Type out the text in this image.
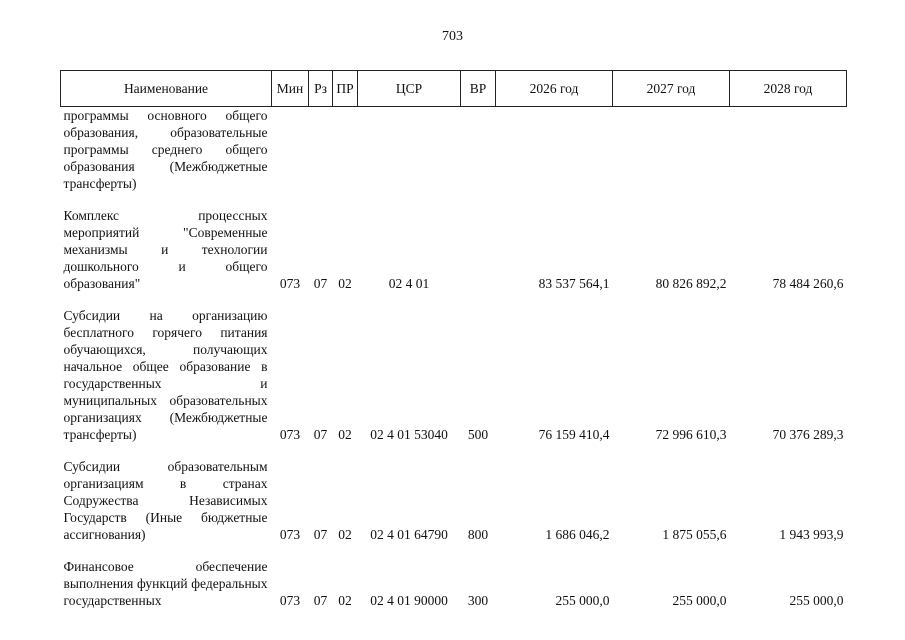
703
Наименование	Мин	Рз	ПР	ЦСР	ВР	2026 год	2027 год	2028 год
программы основного общего образования, образовательные программы среднего общего образования (Межбюджетные трансферты)								

Комплекс процессных мероприятий "Современные механизмы и технологии дошкольного и общего образования"	073	07	02	02 4 01		83 537 564,1	80 826 892,2	78 484 260,6

Субсидии на организацию бесплатного горячего питания обучающихся, получающих начальное общее образование в государственных и муниципальных образовательных организациях (Межбюджетные трансферты)	073	07	02	02 4 01 53040	500	76 159 410,4	72 996 610,3	70 376 289,3

Субсидии образовательным организациям в странах Содружества Независимых Государств (Иные бюджетные ассигнования)	073	07	02	02 4 01 64790	800	1 686 046,2	1 875 055,6	1 943 993,9

Финансовое обеспечение выполнения функций федеральных государственных	073	07	02	02 4 01 90000	300	255 000,0	255 000,0	255 000,0
